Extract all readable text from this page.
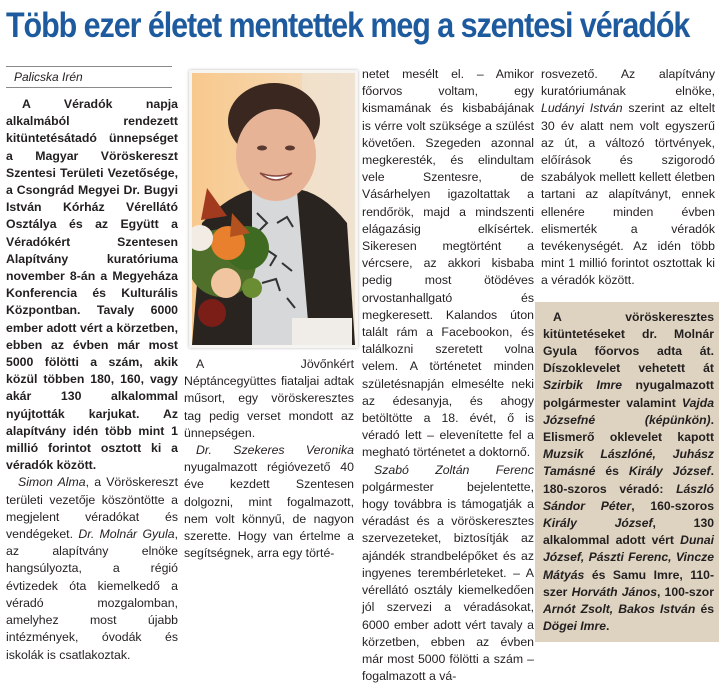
Több ezer életet mentettek meg a szentesi véradók
Palicska Irén

A Véradók napja alkalmából rendezett kitüntetésátadó ünnepséget a Magyar Vöröskereszt Szentesi Területi Vezetősége, a Csongrád Megyei Dr. Bugyi István Kórház Vérellátó Osztálya és az Együtt a Véradókért Szentesen Alapítvány kuratóriuma november 8-án a Megyeháza Konferencia és Kulturális Központban. Tavaly 6000 ember adott vért a körzetben, ebben az évben már most 5000 fölötti a szám, akik közül többen 180, 160, vagy akár 130 alkalommal nyújtották karjukat. Az alapítvány idén több mint 1 millió forintot osztott ki a véradók között.

Simon Alma, a Vöröskereszt területi vezetője köszöntötte a megjelent véradókat és vendégeket. Dr. Molnár Gyula, az alapítvány elnöke hangsúlyozta, a régió évtizedek óta kiemelkedő a véradó mozgalomban, amelyhez most újabb intézmények, óvodák és iskolák is csatlakoztak.

A Jövőnkért Néptáncegyüttes fiataljai adtak műsort, egy vöröskeresztes tag pedig verset mondott az ünnepségen.

Dr. Szekeres Veronika nyugalmazott régióvezető 40 éve kezdett Szentesen dolgozni, mint fogalmazott, nem volt könnyű, de nagyon szerette. Hogy van értelme a segítségnek, arra egy törté-

netet mesélt el. – Amikor főorvos voltam, egy kismamának és kisbabájának is vérre volt szüksége a szülést követően. Szegeden azonnal megkeresték, és elindultam vele Szentesre, de Vásárhelyen igazoltattak a rendőrök, majd a mindszenti elágazásig elkísértek. Sikeresen megtörtént a vércsere, az akkori kisbaba pedig most ötödéves orvostanhallgató és megkeresett. Kalandos úton talált rám a Facebookon, és találkozni szeretett volna velem. A történetet minden születésnapján elmesélte neki az édesanyja, és ahogy betöltötte a 18. évét, ő is véradó lett – elevenítette fel a megható történetet a doktornő.

Szabó Zoltán Ferenc polgármester bejelentette, hogy továbbra is támogatják a véradást és a vöröskeresztes szervezeteket, biztosítják az ajándék strandbelépőket és az ingyenes terembérleteket. – A vérellátó osztály kiemelkedően jól szervezi a véradásokat, 6000 ember adott vért tavaly a körzetben, ebben az évben már most 5000 fölötti a szám – fogalmazott a vá-

rosvezető. Az alapítvány kuratóriumának elnöke, Ludányi István szerint az eltelt 30 év alatt nem volt egyszerű az út, a változó törtvények, előírások és szigorodó szabályok mellett kellett életben tartani az alapítványt, ennek ellenére minden évben elismerték a véradók tevékenységét. Az idén több mint 1 millió forintot osztottak ki a véradók között.

A vöröskeresztes kitüntetéseket dr. Molnár Gyula főorvos adta át. Díszoklevelet vehetett át Szirbik Imre nyugalmazott polgármester valamint Vajda Józsefné (képünkön). Elismerő oklevelet kapott Muzsik Lászlóné, Juhász Tamásné és Király József. 180-szoros véradó: László Sándor Péter, 160-szoros Király József, 130 alkalommal adott vért Dunai József, Pászti Ferenc, Vincze Mátyás és Samu Imre, 110-szer Horváth János, 100-szor Arnót Zsolt, Bakos István és Dögei Imre.
